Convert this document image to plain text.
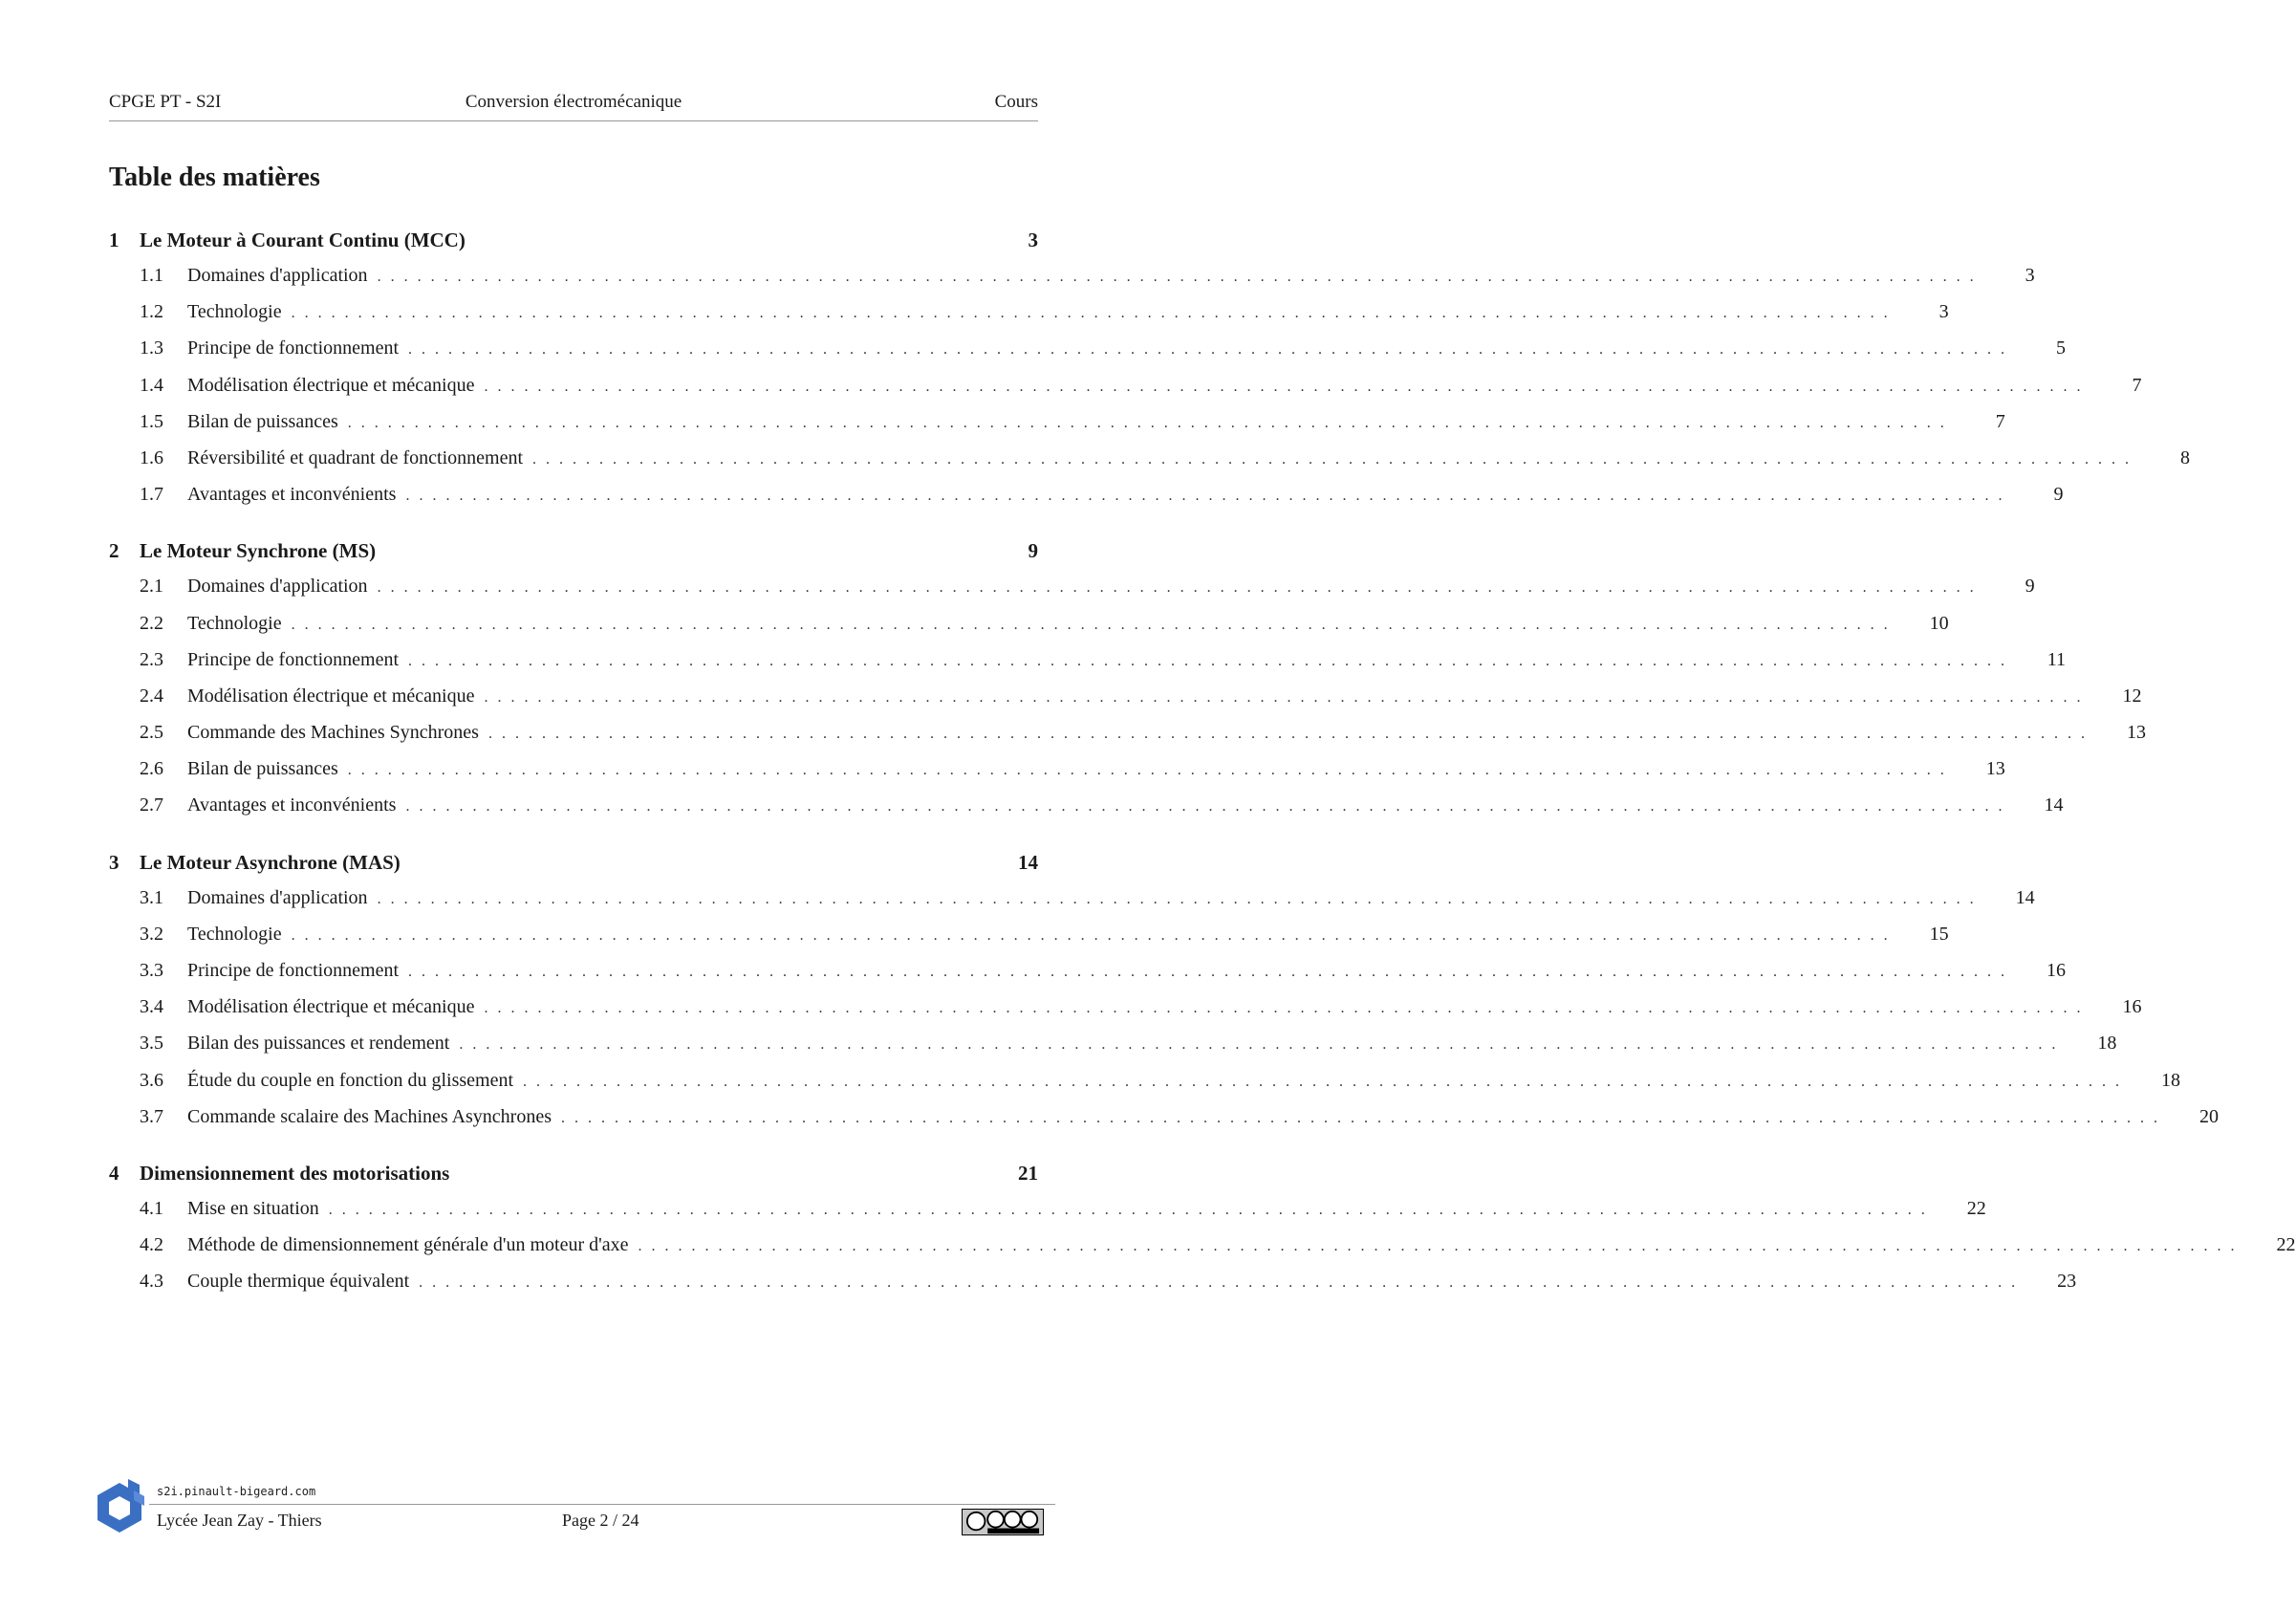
CPGE PT - S2I	Conversion électromécanique	Cours
Table des matières
1	Le Moteur à Courant Continu (MCC)	3
1.1	Domaines d'application ........................................................................................................................	3
1.2	Technologie ........................................................................................................................	3
1.3	Principe de fonctionnement ........................................................................................................................	5
1.4	Modélisation électrique et mécanique ........................................................................................................................	7
1.5	Bilan de puissances ........................................................................................................................	7
1.6	Réversibilité et quadrant de fonctionnement ........................................................................................................................	8
1.7	Avantages et inconvénients ........................................................................................................................	9
2	Le Moteur Synchrone (MS)	9
2.1	Domaines d'application ........................................................................................................................	9
2.2	Technologie ........................................................................................................................	10
2.3	Principe de fonctionnement ........................................................................................................................	11
2.4	Modélisation électrique et mécanique ........................................................................................................................	12
2.5	Commande des Machines Synchrones ........................................................................................................................	13
2.6	Bilan de puissances ........................................................................................................................	13
2.7	Avantages et inconvénients ........................................................................................................................	14
3	Le Moteur Asynchrone (MAS)	14
3.1	Domaines d'application ........................................................................................................................	14
3.2	Technologie ........................................................................................................................	15
3.3	Principe de fonctionnement ........................................................................................................................	16
3.4	Modélisation électrique et mécanique ........................................................................................................................	16
3.5	Bilan des puissances et rendement ........................................................................................................................	18
3.6	Étude du couple en fonction du glissement ........................................................................................................................	18
3.7	Commande scalaire des Machines Asynchrones ........................................................................................................................	20
4	Dimensionnement des motorisations	21
4.1	Mise en situation ........................................................................................................................	22
4.2	Méthode de dimensionnement générale d'un moteur d'axe ........................................................................................................................	22
4.3	Couple thermique équivalent ........................................................................................................................	23
s2i.pinault-bigeard.com
Lycée Jean Zay - Thiers	Page 2 / 24
